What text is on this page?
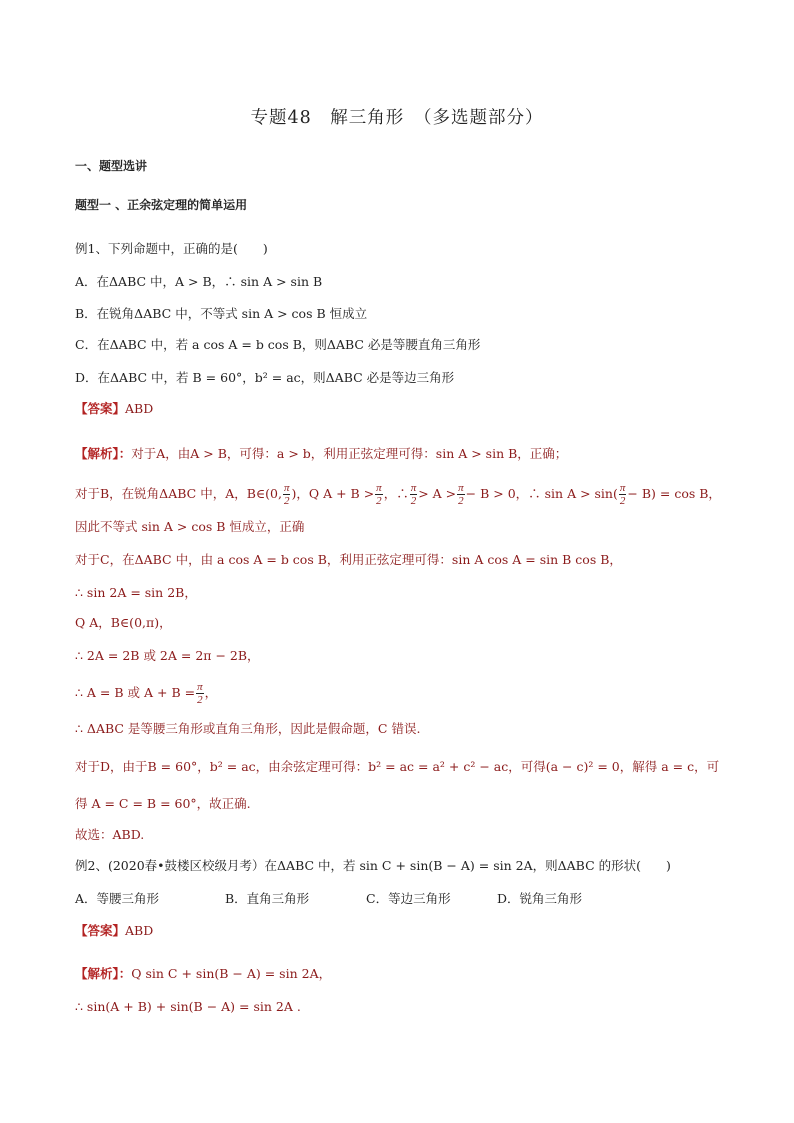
专题48　解三角形　（多选题部分）
一、题型选讲
题型一 、正余弦定理的简单运用
例1、下列命题中，正确的是(　　)
A．在ΔABC 中，A > B，∴ sin A > sin B
B．在锐角ΔABC 中，不等式 sin A > cos B 恒成立
C．在ΔABC 中，若 a cos A = b cos B，则ΔABC 必是等腰直角三角形
D．在ΔABC 中，若 B = 60°，b² = ac，则ΔABC 必是等边三角形
【答案】ABD
【解析】：对于A，由A > B，可得：a > b，利用正弦定理可得：sin A > sin B，正确；
对于B，在锐角ΔABC 中，A，B∈(0, $\frac{\pi}{2}$ )，Q $A + B > \frac{\pi}{2}$ ，∴ $\frac{\pi}{2} > A > \frac{\pi}{2} - B > 0$，∴ $\sin A > \sin( \frac{\pi}{2} - B) = \cos B$，
因此不等式 sin A > cos B 恒成立，正确
对于C，在ΔABC 中，由 a cos A = b cos B，利用正弦定理可得：sin A cos A = sin B cos B，
∴ sin 2A = sin 2B，
Q A，B∈(0,π)，
∴ 2A = 2B 或 2A = 2π − 2B，
∴ A = B 或 $A + B = \frac{\pi}{2}$ ，
∴ ΔABC 是等腰三角形或直角三角形，因此是假命题，C 错误.
对于D，由于B = 60°，b² = ac，由余弦定理可得：b² = ac = a² + c² − ac，可得(a − c)² = 0，解得 a = c，可
得 A = C = B = 60°，故正确.
故选：ABD.
例2、(2020春•鼓楼区校级月考）在ΔABC 中，若 sin C + sin(B − A) = sin 2A，则ΔABC 的形状(　　)
A．等腰三角形	B．直角三角形	C．等边三角形	D．锐角三角形
【答案】ABD
【解析】：Q sin C + sin(B − A) = sin 2A，
∴ sin(A + B) + sin(B − A) = sin 2A .
